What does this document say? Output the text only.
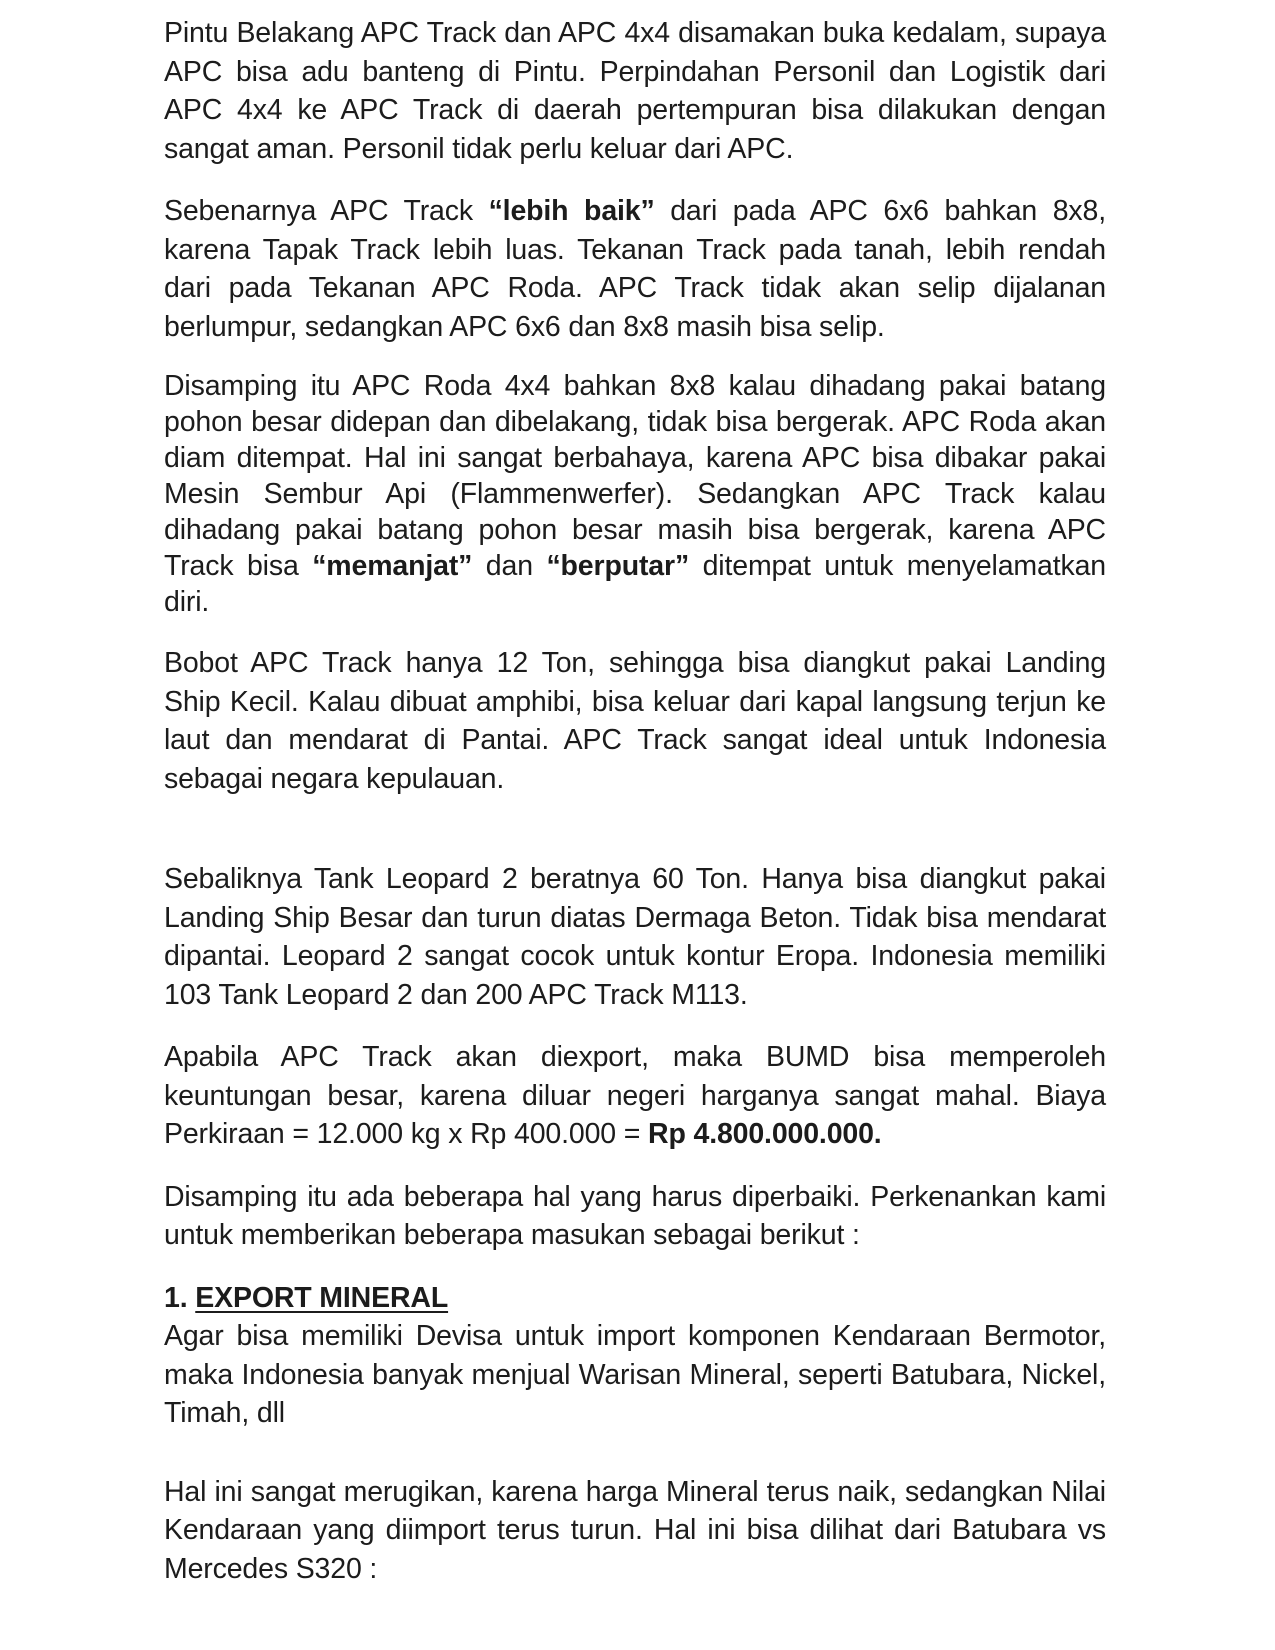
Pintu Belakang APC Track dan APC 4x4 disamakan buka kedalam, supaya APC bisa adu banteng di Pintu. Perpindahan Personil dan Logistik dari APC 4x4 ke APC Track di daerah pertempuran bisa dilakukan dengan sangat aman. Personil tidak perlu keluar dari APC.

Sebenarnya APC Track “lebih baik” dari pada APC 6x6 bahkan 8x8, karena Tapak Track lebih luas. Tekanan Track pada tanah, lebih rendah dari pada Tekanan APC Roda. APC Track tidak akan selip dijalanan berlumpur, sedangkan APC 6x6 dan 8x8 masih bisa selip.

Disamping itu APC Roda 4x4 bahkan 8x8 kalau dihadang pakai batang pohon besar didepan dan dibelakang, tidak bisa bergerak. APC Roda akan diam ditempat. Hal ini sangat berbahaya, karena APC bisa dibakar pakai Mesin Sembur Api (Flammenwerfer). Sedangkan APC Track kalau dihadang pakai batang pohon besar masih bisa bergerak, karena APC Track bisa “memanjat” dan “berputar” ditempat untuk menyelamatkan diri.

Bobot APC Track hanya 12 Ton, sehingga bisa diangkut pakai Landing Ship Kecil. Kalau dibuat amphibi, bisa keluar dari kapal langsung terjun ke laut dan mendarat di Pantai. APC Track sangat ideal untuk Indonesia sebagai negara kepulauan.

Sebaliknya Tank Leopard 2 beratnya 60 Ton. Hanya bisa diangkut pakai Landing Ship Besar dan turun diatas Dermaga Beton. Tidak bisa mendarat dipantai. Leopard 2 sangat cocok untuk kontur Eropa. Indonesia memiliki 103 Tank Leopard 2 dan 200 APC Track M113.

Apabila APC Track akan diexport, maka BUMD bisa memperoleh keuntungan besar, karena diluar negeri harganya sangat mahal. Biaya Perkiraan = 12.000 kg x Rp 400.000 = Rp 4.800.000.000.

Disamping itu ada beberapa hal yang harus diperbaiki. Perkenankan kami untuk memberikan beberapa masukan sebagai berikut :

1. EXPORT MINERAL

Agar bisa memiliki Devisa untuk import komponen Kendaraan Bermotor, maka Indonesia banyak menjual Warisan Mineral, seperti Batubara, Nickel, Timah, dll

Hal ini sangat merugikan, karena harga Mineral terus naik, sedangkan Nilai Kendaraan yang diimport terus turun. Hal ini bisa dilihat dari Batubara vs Mercedes S320 :
